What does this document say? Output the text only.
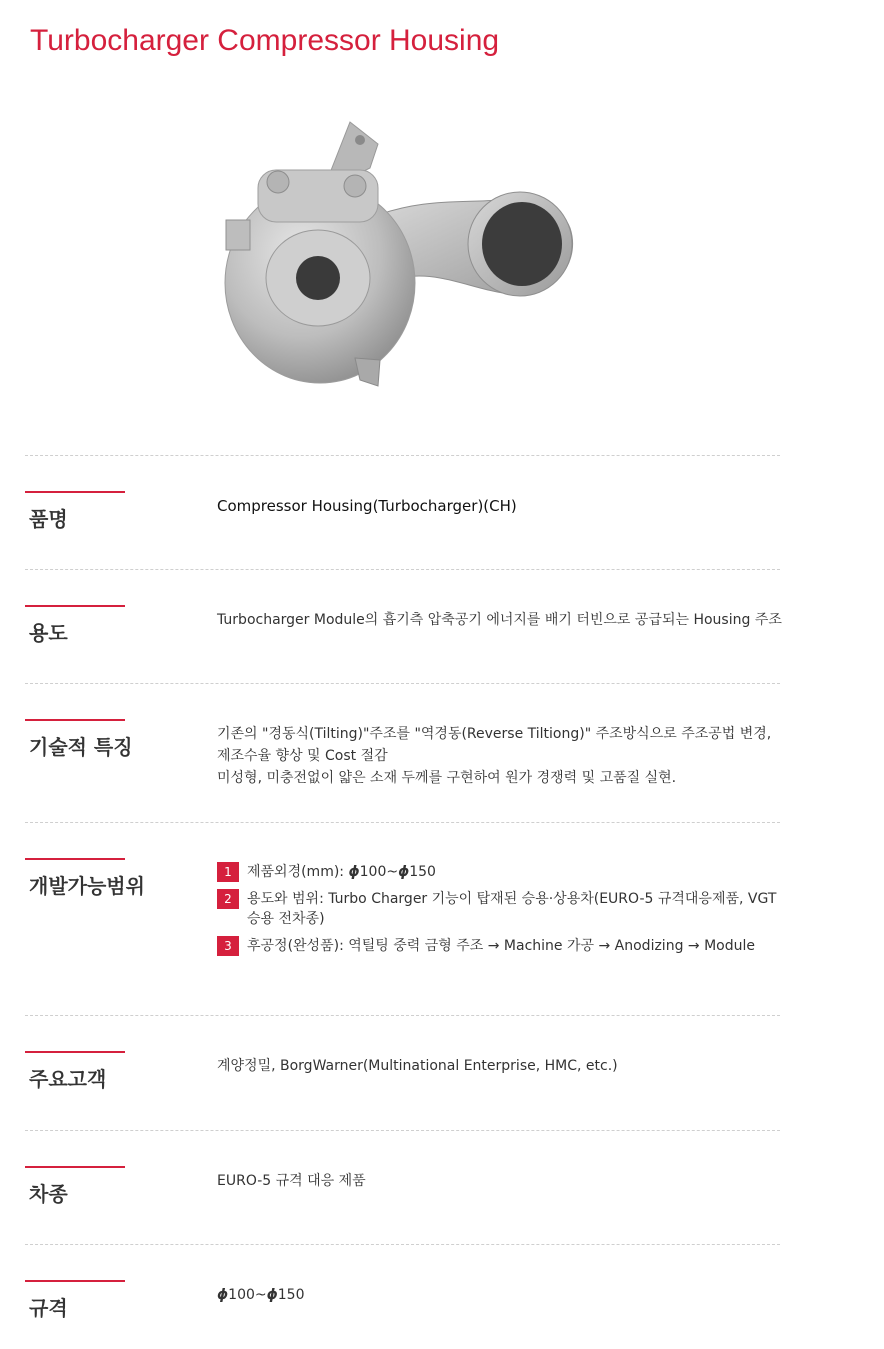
Turbocharger Compressor Housing
품명
Compressor Housing(Turbocharger)(CH)
용도
Turbocharger Module의 흡기측 압축공기 에너지를 배기 터빈으로 공급되는 Housing 주조
기술적 특징

기존의 "경동식(Tilting)"주조를 "역경동(Reverse Tiltiong)" 주조방식으로 주조공법 변경, 제조수율 향상 및 Cost 절감

미성형, 미충전없이 얇은 소재 두께를 구현하여 원가 경쟁력 및 고품질 실현.

개발가능범위
1	제품외경(mm): ϕ100~ϕ150
2	용도와 범위: Turbo Charger 기능이 탑재된 승용·상용차(EURO-5 규격대응제품, VGT 승용 전차종)
3	후공정(완성품): 역틸팅 중력 금형 주조 → Machine 가공 → Anodizing → Module
주요고객
계양정밀, BorgWarner(Multinational Enterprise, HMC, etc.)
차종
EURO-5 규격 대응 제품
규격
ϕ100~ϕ150
